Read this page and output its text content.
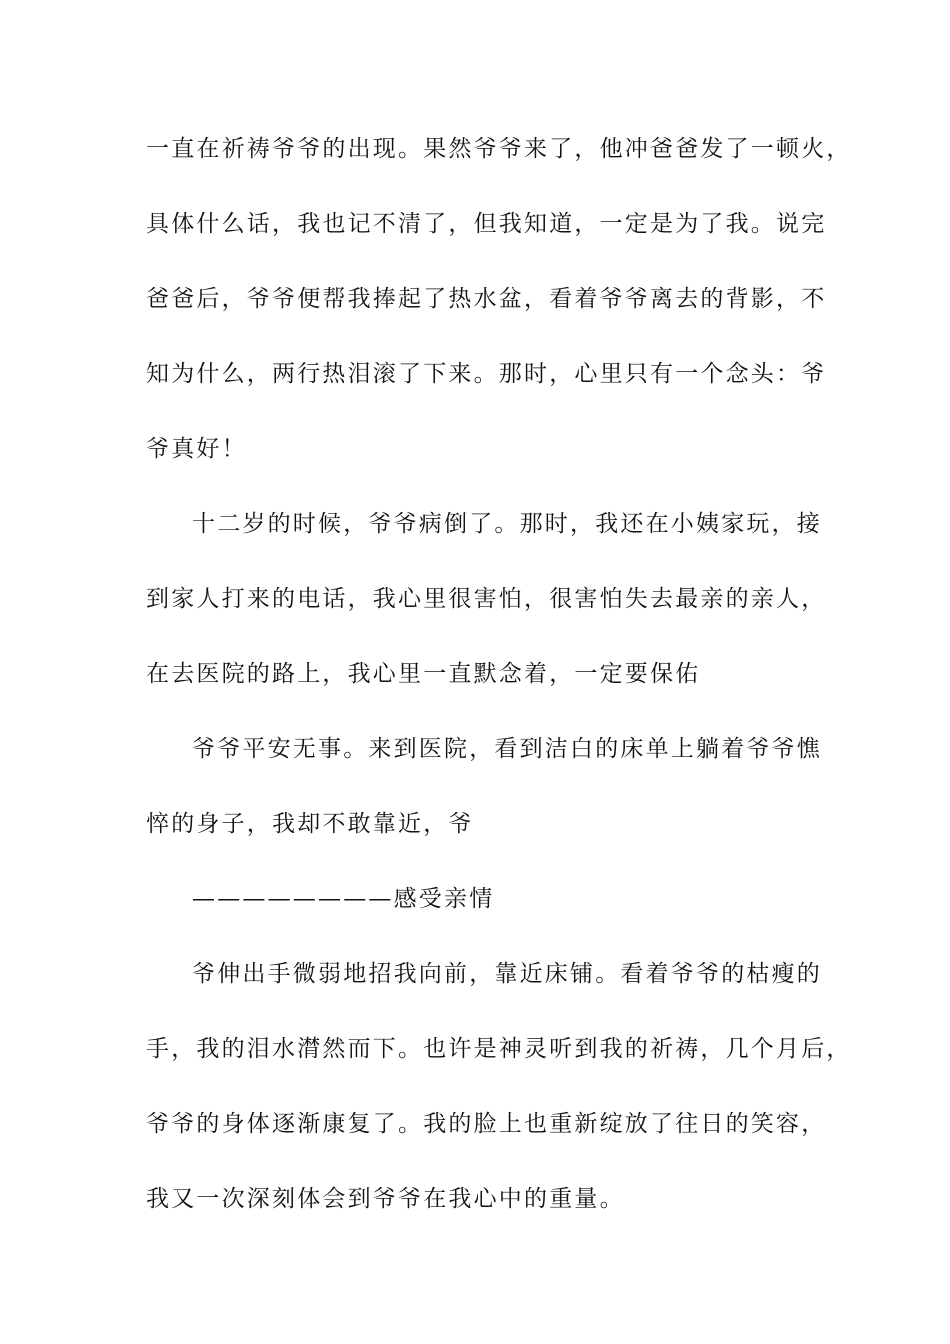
一直在祈祷爷爷的出现。果然爷爷来了，他冲爸爸发了一顿火，
具体什么话，我也记不清了，但我知道，一定是为了我。说完
爸爸后，爷爷便帮我捧起了热水盆，看着爷爷离去的背影，不
知为什么，两行热泪滚了下来。那时，心里只有一个念头：爷
爷真好！
十二岁的时候，爷爷病倒了。那时，我还在小姨家玩，接
到家人打来的电话，我心里很害怕，很害怕失去最亲的亲人，
在去医院的路上，我心里一直默念着，一定要保佑
爷爷平安无事。来到医院，看到洁白的床单上躺着爷爷憔
悴的身子，我却不敢靠近，爷
————————感受亲情
爷伸出手微弱地招我向前，靠近床铺。看着爷爷的枯瘦的
手，我的泪水潸然而下。也许是神灵听到我的祈祷，几个月后，
爷爷的身体逐渐康复了。我的脸上也重新绽放了往日的笑容，
我又一次深刻体会到爷爷在我心中的重量。
